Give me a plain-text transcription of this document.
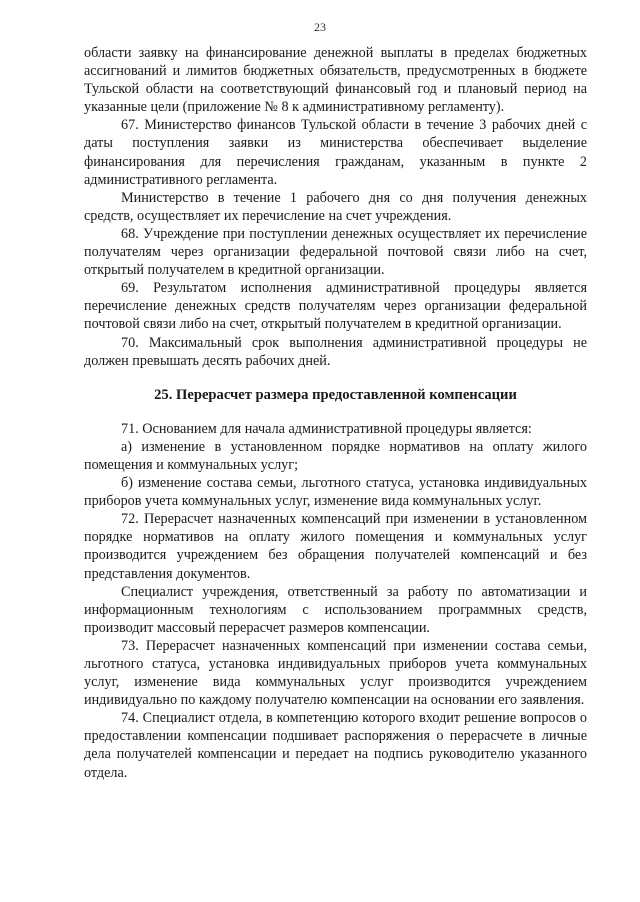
23

области заявку на финансирование денежной выплаты в пределах бюджетных ассигнований и лимитов бюджетных обязательств, предусмотренных в бюджете Тульской области на соответствующий финансовый год и плановый период на указанные цели (приложение № 8 к административному регламенту).

67. Министерство финансов Тульской области в течение 3 рабочих дней с даты поступления заявки из министерства обеспечивает выделение финансирования для перечисления гражданам, указанным в пункте 2 административного регламента.

Министерство в течение 1 рабочего дня со дня получения денежных средств, осуществляет их перечисление на счет учреждения.

68. Учреждение при поступлении денежных осуществляет их перечисление получателям через организации федеральной почтовой связи либо на счет, открытый получателем в кредитной организации.

69. Результатом исполнения административной процедуры является перечисление денежных средств получателям через организации федеральной почтовой связи либо на счет, открытый получателем в кредитной организации.

70. Максимальный срок выполнения административной процедуры не должен превышать десять рабочих дней.

25. Перерасчет размера предоставленной компенсации

71. Основанием для начала административной процедуры является:

а) изменение в установленном порядке нормативов на оплату жилого помещения и коммунальных услуг;

б) изменение состава семьи, льготного статуса, установка индивидуальных приборов учета коммунальных услуг, изменение вида коммунальных услуг.

72. Перерасчет назначенных компенсаций при изменении в установленном порядке нормативов на оплату жилого помещения и коммунальных услуг производится учреждением без обращения получателей компенсаций и без представления документов.

Специалист учреждения, ответственный за работу по автоматизации и информационным технологиям с использованием программных средств, производит массовый перерасчет размеров компенсации.

73. Перерасчет назначенных компенсаций при изменении состава семьи, льготного статуса, установка индивидуальных приборов учета коммунальных услуг, изменение вида коммунальных услуг производится учреждением индивидуально по каждому получателю компенсации на основании его заявления.

74. Специалист отдела, в компетенцию которого входит решение вопросов о предоставлении компенсации подшивает распоряжения о перерасчете в личные дела получателей компенсации и передает на подпись руководителю указанного отдела.
